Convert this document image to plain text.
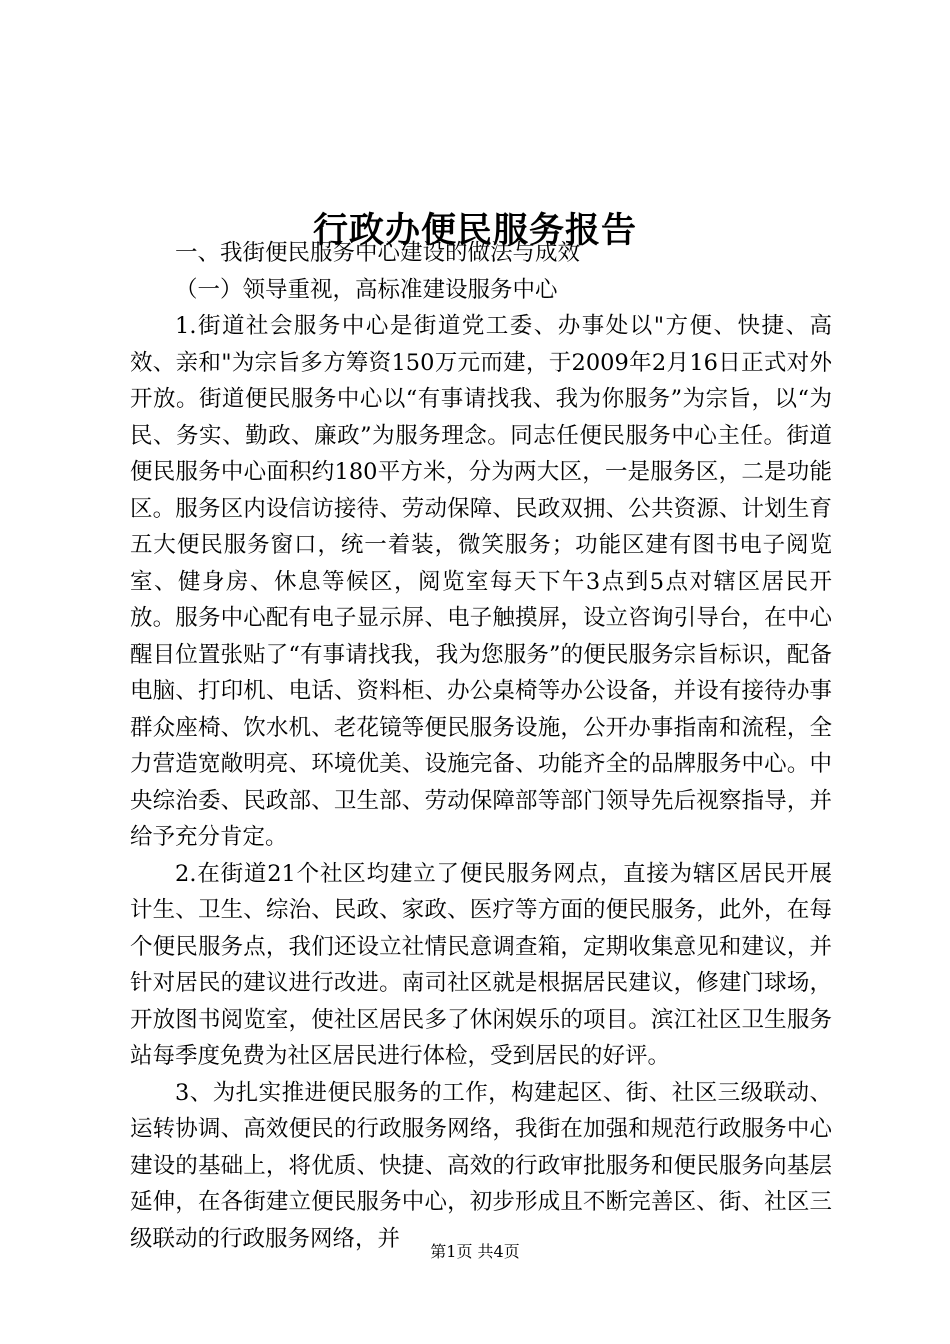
行政办便民服务报告

一、我街便民服务中心建设的做法与成效

（一）领导重视，高标准建设服务中心

1.街道社会服务中心是街道党工委、办事处以"方便、快捷、高效、亲和"为宗旨多方筹资150万元而建，于2009年2月16日正式对外开放。街道便民服务中心以“有事请找我、我为你服务”为宗旨，以“为民、务实、勤政、廉政”为服务理念。同志任便民服务中心主任。街道便民服务中心面积约180平方米，分为两大区，一是服务区，二是功能区。服务区内设信访接待、劳动保障、民政双拥、公共资源、计划生育五大便民服务窗口，统一着装，微笑服务；功能区建有图书电子阅览室、健身房、休息等候区，阅览室每天下午3点到5点对辖区居民开放。服务中心配有电子显示屏、电子触摸屏，设立咨询引导台，在中心醒目位置张贴了“有事请找我，我为您服务”的便民服务宗旨标识，配备电脑、打印机、电话、资料柜、办公桌椅等办公设备，并设有接待办事群众座椅、饮水机、老花镜等便民服务设施，公开办事指南和流程，全力营造宽敞明亮、环境优美、设施完备、功能齐全的品牌服务中心。中央综治委、民政部、卫生部、劳动保障部等部门领导先后视察指导，并给予充分肯定。

2.在街道21个社区均建立了便民服务网点，直接为辖区居民开展计生、卫生、综治、民政、家政、医疗等方面的便民服务，此外，在每个便民服务点，我们还设立社情民意调查箱，定期收集意见和建议，并针对居民的建议进行改进。南司社区就是根据居民建议，修建门球场，开放图书阅览室，使社区居民多了休闲娱乐的项目。滨江社区卫生服务站每季度免费为社区居民进行体检，受到居民的好评。

3、为扎实推进便民服务的工作，构建起区、街、社区三级联动、运转协调、高效便民的行政服务网络，我街在加强和规范行政服务中心建设的基础上，将优质、快捷、高效的行政审批服务和便民服务向基层延伸，在各街建立便民服务中心，初步形成且不断完善区、街、社区三级联动的行政服务网络，并	第1页 共4页
